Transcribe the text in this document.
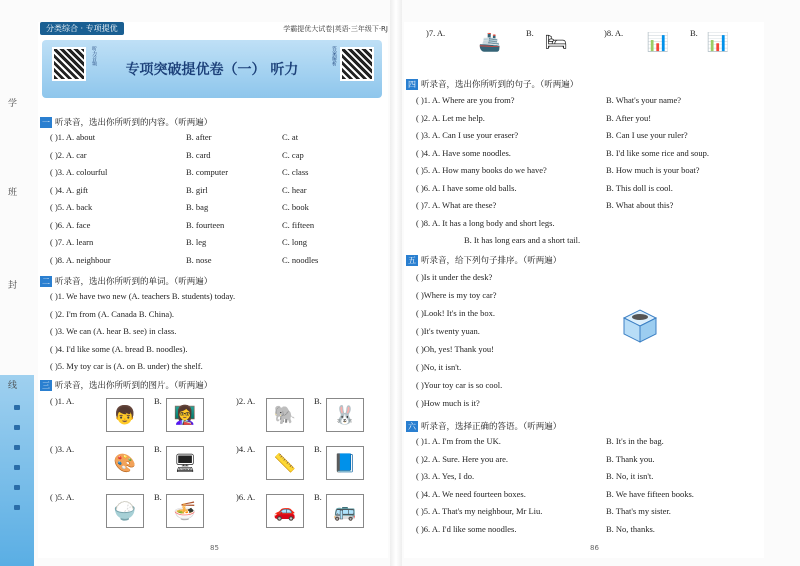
学
班
封
线
分类综合 · 专项提优	学霸提优大试卷|英语·三年级下·RJ
听力音频
专项突破提优卷（一） 听力
答案解析
一 听录音，选出你所听到的内容。（听两遍）
( )1. A. about	B. after	C. at
( )2. A. car	B. card	C. cap
( )3. A. colourful	B. computer	C. class
( )4. A. gift	B. girl	C. hear
( )5. A. back	B. bag	C. book
( )6. A. face	B. fourteen	C. fifteen
( )7. A. learn	B. leg	C. long
( )8. A. neighbour	B. nose	C. noodles
二 听录音，选出你所听到的单词。（听两遍）
( )1. We have two new (A. teachers B. students) today.
( )2. I'm from (A. Canada B. China).
( )3. We can (A. hear B. see) in class.
( )4. I'd like some (A. bread B. noodles).
( )5. My toy car is (A. on B. under) the shelf.
三 听录音，选出你所听到的图片。（听两遍）
( )1. A.
👦
B.
👩‍🏫
)2. A.
🐘
B.
🐰
( )3. A.
🎨
B.
🖥
)4. A.
📏
B.
📘
( )5. A.
🍚
B.
🍜
)6. A.
🚗
B.
🚌
85
)7. A.	B.	)8. A.	B.
🚢	🛏	📊	📊
四 听录音，选出你所听到的句子。（听两遍）
( )1. A. Where are you from?	B. What's your name?
( )2. A. Let me help.	B. After you!
( )3. A. Can I use your eraser?	B. Can I use your ruler?
( )4. A. Have some noodles.	B. I'd like some rice and soup.
( )5. A. How many books do we have?	B. How much is your boat?
( )6. A. I have some old balls.	B. This doll is cool.
( )7. A. What are these?	B. What about this?
( )8. A. It has a long body and short legs.
B. It has long ears and a short tail.
五 听录音，给下列句子排序。（听两遍）
( )Is it under the desk?
( )Where is my toy car?
( )Look! It's in the box.
( )It's twenty yuan.
( )Oh, yes! Thank you!
( )No, it isn't.
( )Your toy car is so cool.
( )How much is it?
六 听录音，选择正确的答语。（听两遍）
( )1. A. I'm from the UK.	B. It's in the bag.
( )2. A. Sure. Here you are.	B. Thank you.
( )3. A. Yes, I do.	B. No, it isn't.
( )4. A. We need fourteen boxes.	B. We have fifteen books.
( )5. A. That's my neighbour, Mr Liu.	B. That's my sister.
( )6. A. I'd like some noodles.	B. No, thanks.
86
